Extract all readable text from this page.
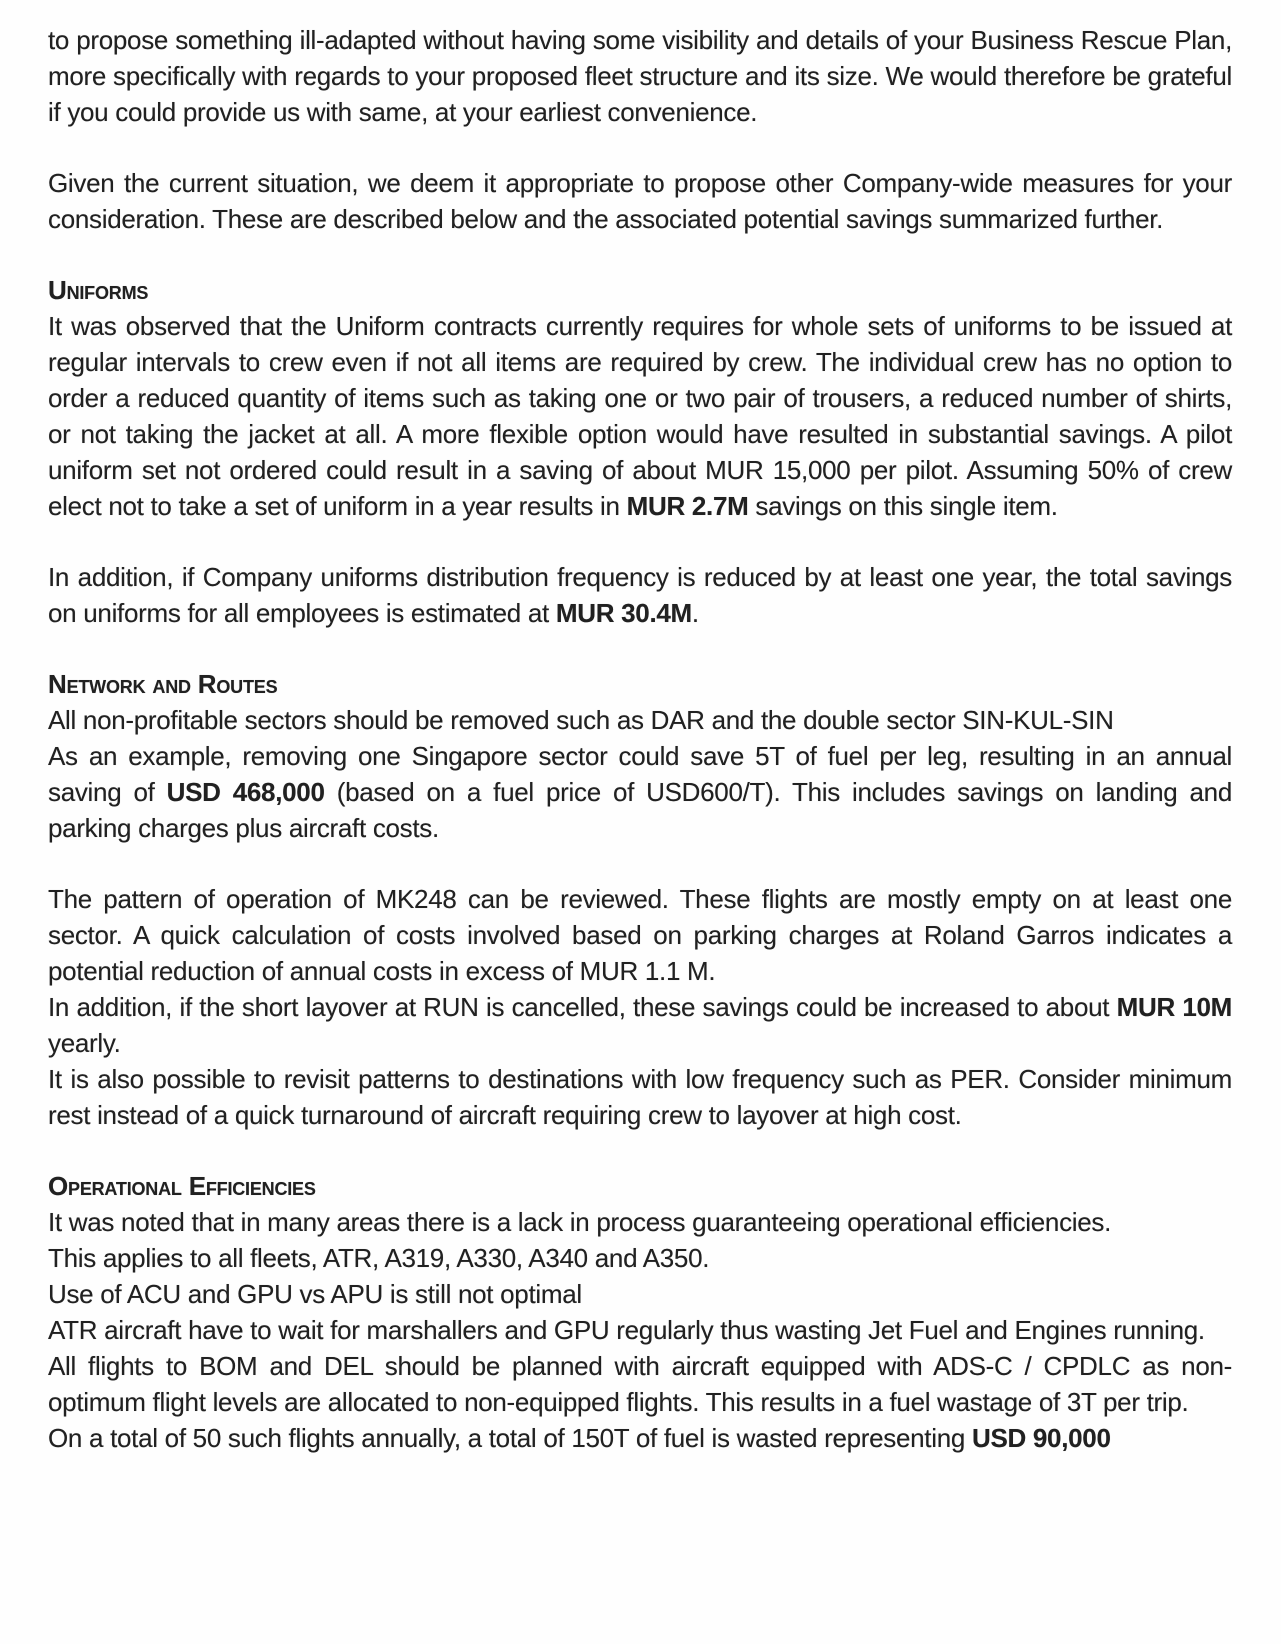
to propose something ill-adapted without having some visibility and details of your Business Rescue Plan, more specifically with regards to your proposed fleet structure and its size. We would therefore be grateful if you could provide us with same, at your earliest convenience.

Given the current situation, we deem it appropriate to propose other Company-wide measures for your consideration. These are described below and the associated potential savings summarized further.

Uniforms

It was observed that the Uniform contracts currently requires for whole sets of uniforms to be issued at regular intervals to crew even if not all items are required by crew. The individual crew has no option to order a reduced quantity of items such as taking one or two pair of trousers, a reduced number of shirts, or not taking the jacket at all. A more flexible option would have resulted in substantial savings. A pilot uniform set not ordered could result in a saving of about MUR 15,000 per pilot. Assuming 50% of crew elect not to take a set of uniform in a year results in MUR 2.7M savings on this single item.

In addition, if Company uniforms distribution frequency is reduced by at least one year, the total savings on uniforms for all employees is estimated at MUR 30.4M.

Network and Routes

All non-profitable sectors should be removed such as DAR and the double sector SIN-KUL-SIN

As an example, removing one Singapore sector could save 5T of fuel per leg, resulting in an annual saving of USD 468,000 (based on a fuel price of USD600/T). This includes savings on landing and parking charges plus aircraft costs.

The pattern of operation of MK248 can be reviewed. These flights are mostly empty on at least one sector. A quick calculation of costs involved based on parking charges at Roland Garros indicates a potential reduction of annual costs in excess of MUR 1.1 M.

In addition, if the short layover at RUN is cancelled, these savings could be increased to about MUR 10M yearly.

It is also possible to revisit patterns to destinations with low frequency such as PER. Consider minimum rest instead of a quick turnaround of aircraft requiring crew to layover at high cost.

Operational Efficiencies

It was noted that in many areas there is a lack in process guaranteeing operational efficiencies.

This applies to all fleets, ATR, A319, A330, A340 and A350.

Use of ACU and GPU vs APU is still not optimal

ATR aircraft have to wait for marshallers and GPU regularly thus wasting Jet Fuel and Engines running.

All flights to BOM and DEL should be planned with aircraft equipped with ADS-C / CPDLC as non-optimum flight levels are allocated to non-equipped flights. This results in a fuel wastage of 3T per trip.

On a total of 50 such flights annually, a total of 150T of fuel is wasted representing USD 90,000
